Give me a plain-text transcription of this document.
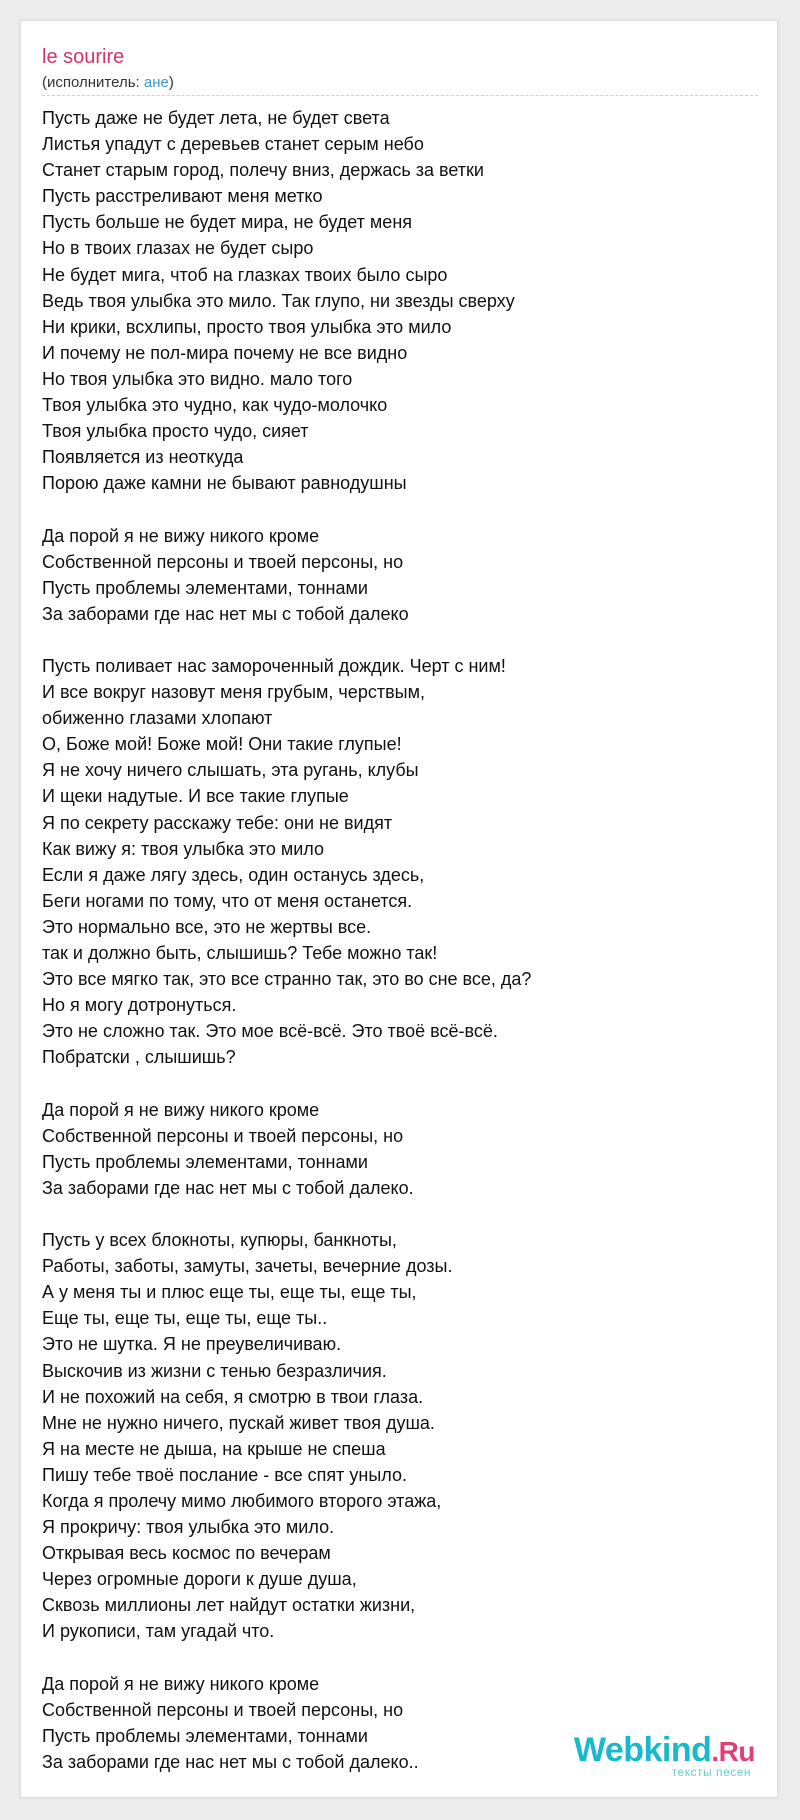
le sourire
(исполнитель: ане)
Пусть даже не будет лета, не будет света
Листья упадут с деревьев станет серым небо
Станет старым город, полечу вниз, держась за ветки
Пусть расстреливают меня метко
Пусть больше не будет мира, не будет меня
Но в твоих глазах не будет сыро
Не будет мига, чтоб на глазках твоих было сыро
Ведь твоя улыбка это мило. Так глупо, ни звезды сверху
Ни крики, всхлипы, просто твоя улыбка это мило
И почему не пол-мира почему не все видно
Но твоя улыбка это видно. мало того
Твоя улыбка это чудно, как чудо-молочко
Твоя улыбка просто чудо, сияет
Появляется из неоткуда
Порою даже камни не бывают равнодушны
Да порой я не вижу никого кроме
Собственной персоны и твоей персоны, но
Пусть проблемы элементами, тоннами
За заборами где нас нет мы с тобой далеко
Пусть поливает нас замороченный дождик. Черт с ним!
И все вокруг назовут меня грубым, черствым,
обиженно глазами хлопают
О, Боже мой! Боже мой! Они такие глупые!
Я не хочу ничего слышать, эта ругань, клубы
И щеки надутые. И все такие глупые
Я по секрету расскажу тебе: они не видят
Как вижу я: твоя улыбка это мило
Если я даже лягу здесь, один останусь здесь,
Беги ногами по тому, что от меня останется.
Это нормально все, это не жертвы все.
так и должно быть, слышишь? Тебе можно так!
Это все мягко так, это все странно так, это во сне все, да?
Но я могу дотронуться.
Это не сложно так. Это мое всё-всё. Это твоё всё-всё.
Побратски , слышишь?
Да порой я не вижу никого кроме
Собственной персоны и твоей персоны, но
Пусть проблемы элементами, тоннами
За заборами где нас нет мы с тобой далеко.
Пусть у всех блокноты, купюры, банкноты,
Работы, заботы, замуты, зачеты, вечерние дозы.
А у меня ты и плюс еще ты, еще ты, еще ты,
Еще ты, еще ты, еще ты, еще ты..
Это не шутка. Я не преувеличиваю.
Выскочив из жизни с тенью безразличия.
И не похожий на себя, я смотрю в твои глаза.
Мне не нужно ничего, пускай живет твоя душа.
Я на месте не дыша, на крыше не спеша
Пишу тебе твоё послание - все спят уныло.
Когда я пролечу мимо любимого второго этажа,
Я прокричу: твоя улыбка это мило.
Открывая весь космос по вечерам
Через огромные дороги к душе душа,
Сквозь миллионы лет найдут остатки жизни,
И рукописи, там угадай что.
Да порой я не вижу никого кроме
Собственной персоны и твоей персоны, но
Пусть проблемы элементами, тоннами
За заборами где нас нет мы с тобой далеко..	Webkind.Ru
тексты песен
